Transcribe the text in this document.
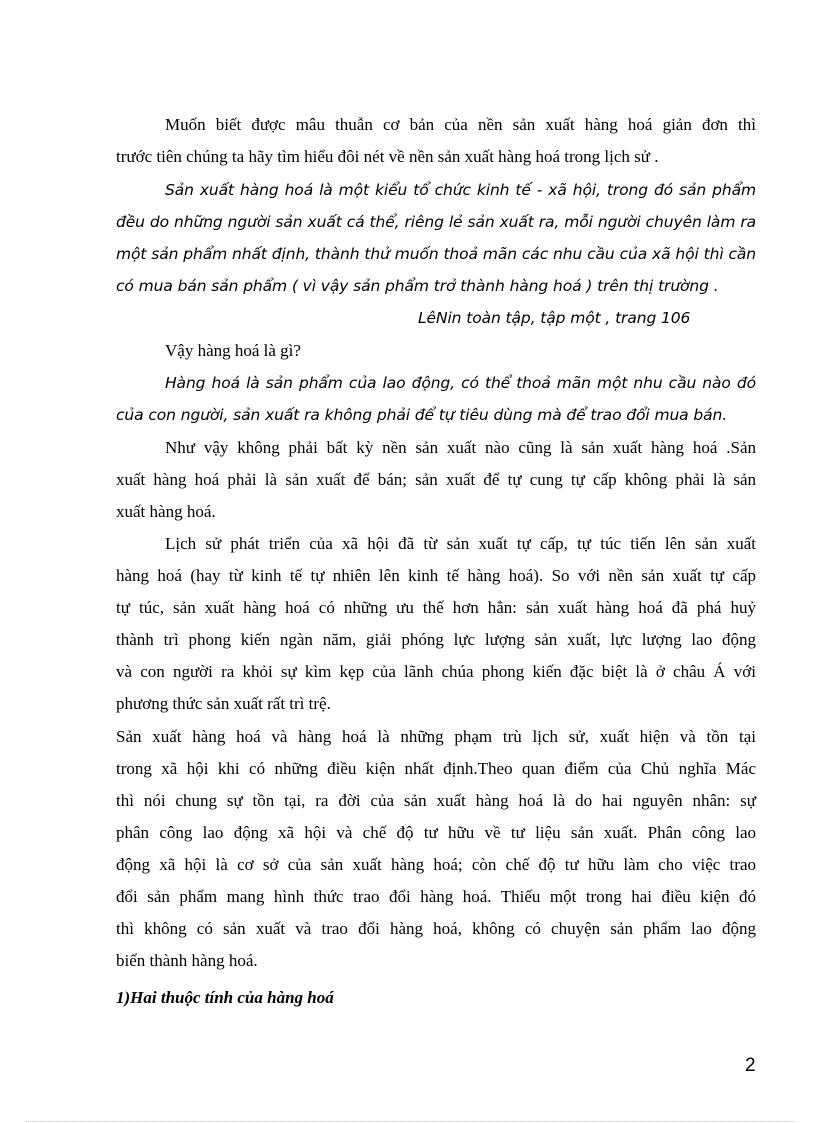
Muốn biết được mâu thuẫn cơ bản của nền sản xuất hàng hoá giản đơn thì
trước tiên chúng ta hãy tìm hiểu đôi nét về nền sản xuất hàng hoá trong lịch sử .
Sản xuất hàng hoá là một kiểu tổ chức kinh tế - xã hội, trong đó sản phẩm
đều do những người sản xuất cá thể, riêng lẻ sản xuất ra, mỗi người chuyên làm ra
một sản phẩm nhất định, thành thử muốn thoả mãn các nhu cầu của xã hội thì cần
có mua bán sản phẩm ( vì vậy sản phẩm trở thành hàng hoá ) trên thị trường .
LêNin toàn tập, tập một , trang 106
Vậy hàng hoá là gì?
Hàng hoá là sản phẩm của lao động, có thể thoả mãn một nhu cầu nào đó
của con người, sản xuất ra không phải để tự tiêu dùng mà để trao đổi mua bán.
Như vậy không phải bất kỳ nền sản xuất nào cũng là sản xuất hàng hoá .Sản
xuất hàng hoá phải là sản xuất để bán; sản xuất để tự cung tự cấp không phải là sản
xuất hàng hoá.
Lịch sử phát triển của xã hội đã từ sản xuất tự cấp, tự túc tiến lên sản xuất
hàng hoá (hay từ kinh tế tự nhiên lên kinh tế hàng hoá). So với nền sản xuất tự cấp
tự túc, sản xuất hàng hoá có những ưu thế hơn hẳn: sản xuất hàng hoá đã phá huỷ
thành trì phong kiến ngàn năm, giải phóng lực lượng sản xuất, lực lượng lao động
và con người ra khỏi sự kìm kẹp của lãnh chúa phong kiến đặc biệt là ở châu Á với
phương thức sản xuất rất trì trệ.
Sản xuất hàng hoá và hàng hoá là những phạm trù lịch sử, xuất hiện và tồn tại
trong xã hội khi có những điều kiện nhất định.Theo quan điểm của Chủ nghĩa Mác
thì nói chung sự tồn tại, ra đời của sản xuất hàng hoá là do hai nguyên nhân: sự
phân công lao động xã hội và chế độ tư hữu về tư liệu sản xuất. Phân công lao
động xã hội là cơ sở của sản xuất hàng hoá; còn chế độ tư hữu làm cho việc trao
đổi sản phẩm mang hình thức trao đổi hàng hoá. Thiếu một trong hai điều kiện đó
thì không có sản xuất và trao đổi hàng hoá, không có chuyện sản phẩm lao động
biến thành hàng hoá.
1)Hai thuộc tính của hàng hoá
2
